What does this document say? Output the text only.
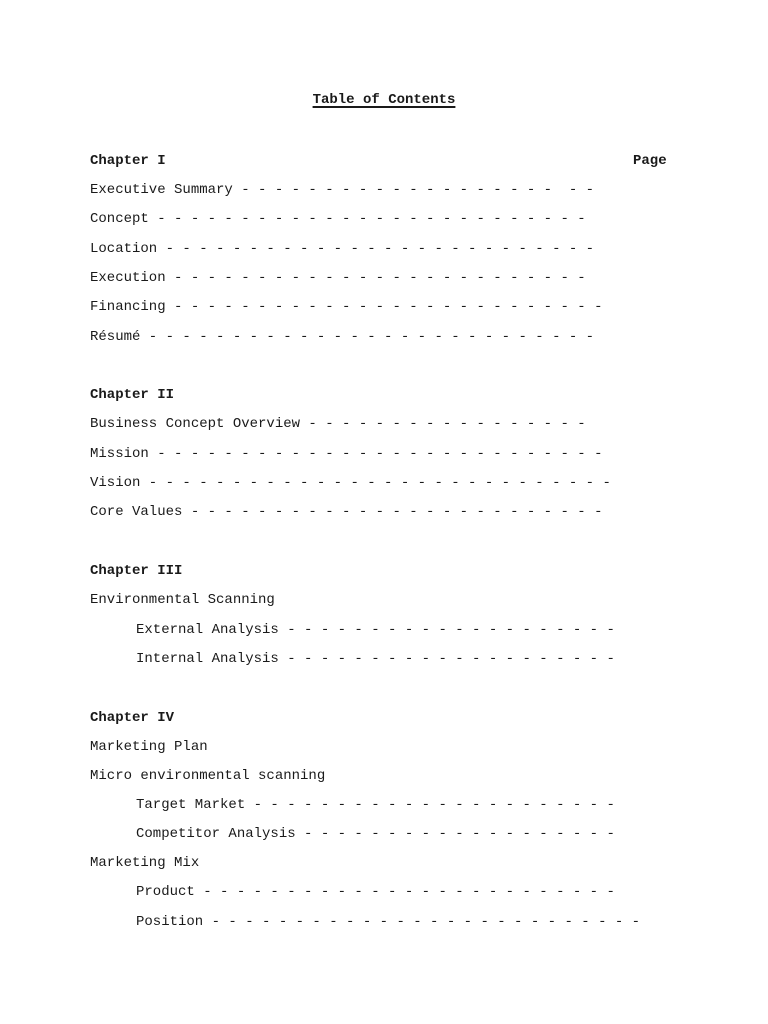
Table of Contents
Page
Chapter I
Executive Summary - - - - - - - - - - - - - - - - - - -  - -
Concept - - - - - - - - - - - - - - - - - - - - - - - - - -
Location - - - - - - - - - - - - - - - - - - - - - - - - - -
Execution - - - - - - - - - - - - - - - - - - - - - - - - -
Financing - - - - - - - - - - - - - - - - - - - - - - - - - -
Résumé - - - - - - - - - - - - - - - - - - - - - - - - - - -
Chapter II
Business Concept Overview - - - - - - - - - - - - - - - - -
Mission - - - - - - - - - - - - - - - - - - - - - - - - - - -
Vision - - - - - - - - - - - - - - - - - - - - - - - - - - - -
Core Values - - - - - - - - - - - - - - - - - - - - - - - - -
Chapter III
Environmental Scanning
External Analysis - - - - - - - - - - - - - - - - - - - -
Internal Analysis - - - - - - - - - - - - - - - - - - - -
Chapter IV
Marketing Plan
Micro environmental scanning
Target Market - - - - - - - - - - - - - - - - - - - - - -
Competitor Analysis - - - - - - - - - - - - - - - - - - -
Marketing Mix
Product - - - - - - - - - - - - - - - - - - - - - - - - -
Position - - - - - - - - - - - - - - - - - - - - - - - - - -
